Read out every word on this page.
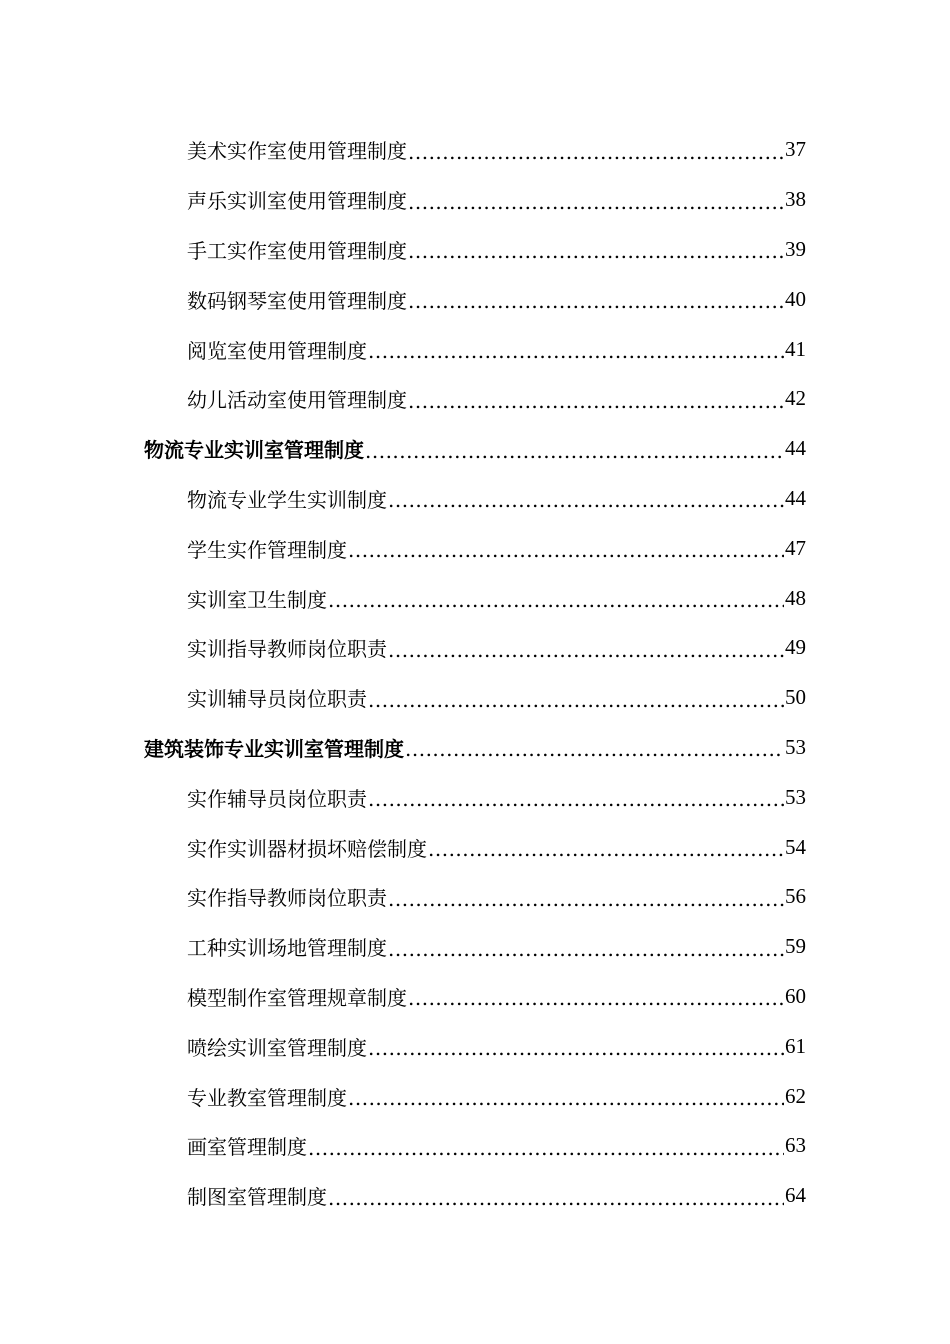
美术实作室使用管理制度 .....	37
声乐实训室使用管理制度 .....	38
手工实作室使用管理制度 .....	39
数码钢琴室使用管理制度 .....	40
阅览室使用管理制度 .....	41
幼儿活动室使用管理制度 .....	42
物流专业实训室管理制度 .....	44
物流专业学生实训制度 .....	44
学生实作管理制度 .....	47
实训室卫生制度 .....	48
实训指导教师岗位职责 .....	49
实训辅导员岗位职责 .....	50
建筑装饰专业实训室管理制度 .....	53
实作辅导员岗位职责 .....	53
实作实训器材损坏赔偿制度 .....	54
实作指导教师岗位职责 .....	56
工种实训场地管理制度 .....	59
模型制作室管理规章制度 .....	60
喷绘实训室管理制度 .....	61
专业教室管理制度 .....	62
画室管理制度 .....	63
制图室管理制度 .....	64
